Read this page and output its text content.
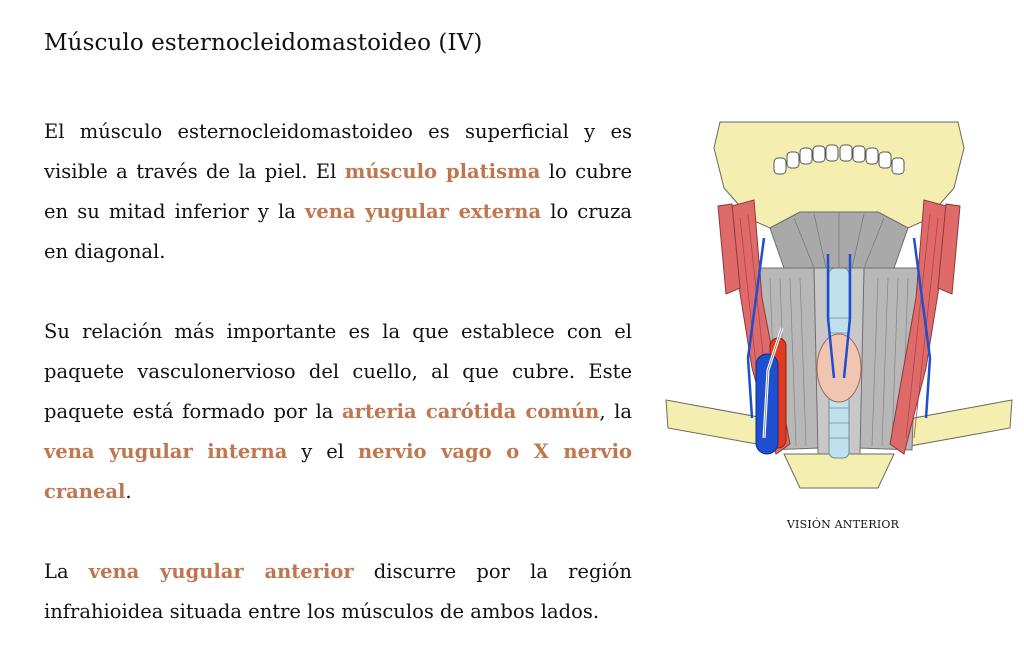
Músculo esternocleidomastoideo (IV)

El músculo esternocleidomastoideo es superficial y es visible a través de la piel. El músculo platisma lo cubre en su mitad inferior y la vena yugular externa lo cruza en diagonal.

Su relación más importante es la que establece con el paquete vasculonervioso del cuello, al que cubre. Este paquete está formado por la arteria carótida común, la vena yugular interna y el nervio vago o X nervio craneal.

La vena yugular anterior discurre por la región infrahioidea situada entre los músculos de ambos lados.

VISIÓN ANTERIOR
